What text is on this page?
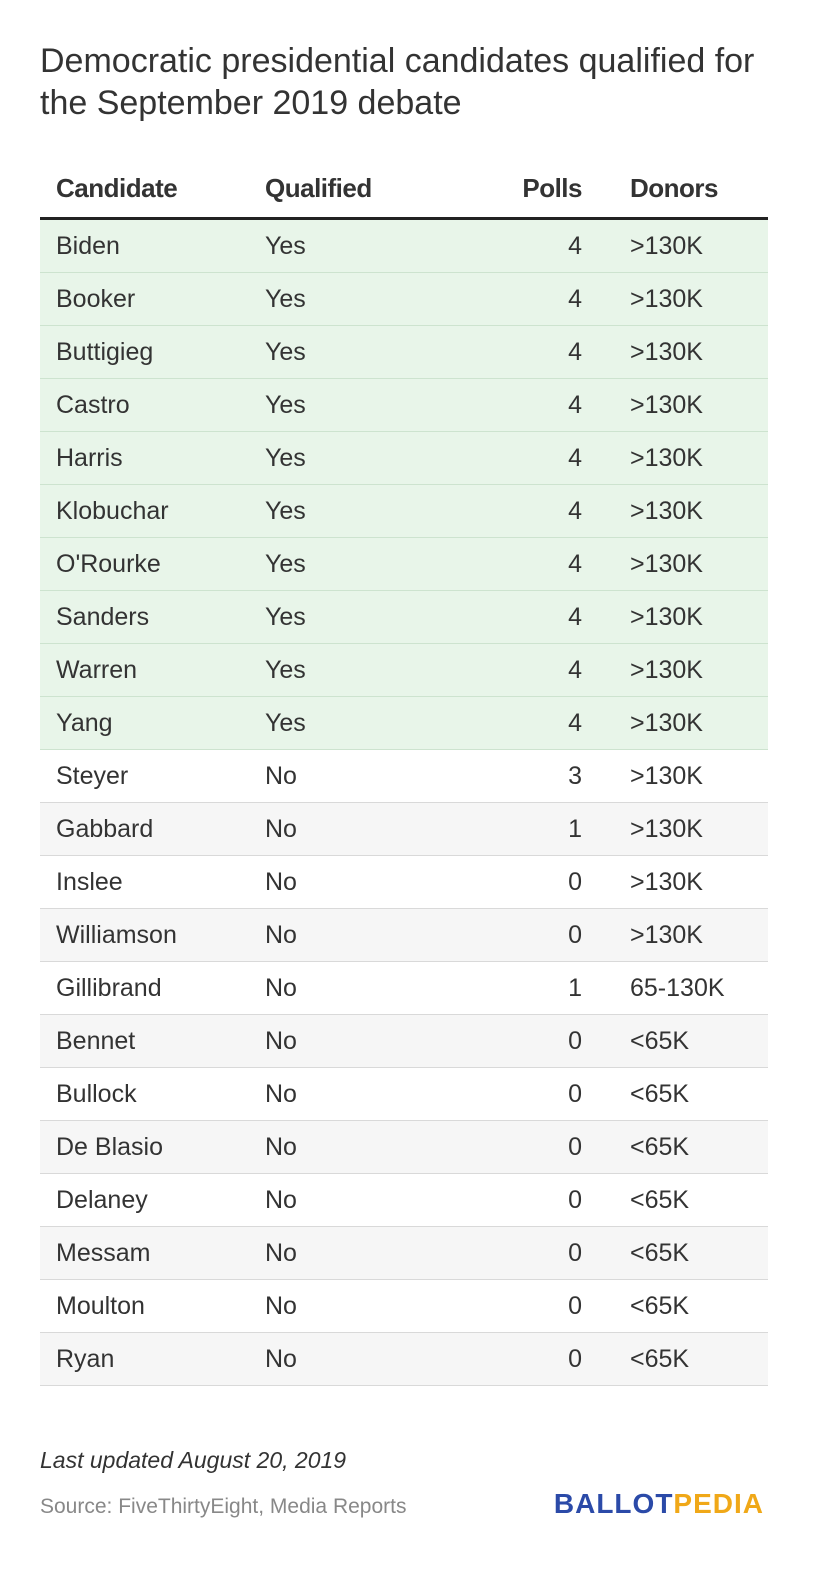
Democratic presidential candidates qualified for the September 2019 debate
Candidate	Qualified	Polls	Donors
Biden	Yes	4	>130K
Booker	Yes	4	>130K
Buttigieg	Yes	4	>130K
Castro	Yes	4	>130K
Harris	Yes	4	>130K
Klobuchar	Yes	4	>130K
O'Rourke	Yes	4	>130K
Sanders	Yes	4	>130K
Warren	Yes	4	>130K
Yang	Yes	4	>130K
Steyer	No	3	>130K
Gabbard	No	1	>130K
Inslee	No	0	>130K
Williamson	No	0	>130K
Gillibrand	No	1	65-130K
Bennet	No	0	<65K
Bullock	No	0	<65K
De Blasio	No	0	<65K
Delaney	No	0	<65K
Messam	No	0	<65K
Moulton	No	0	<65K
Ryan	No	0	<65K
Last updated August 20, 2019
Source: FiveThirtyEight, Media Reports	BALLOTPEDIA
